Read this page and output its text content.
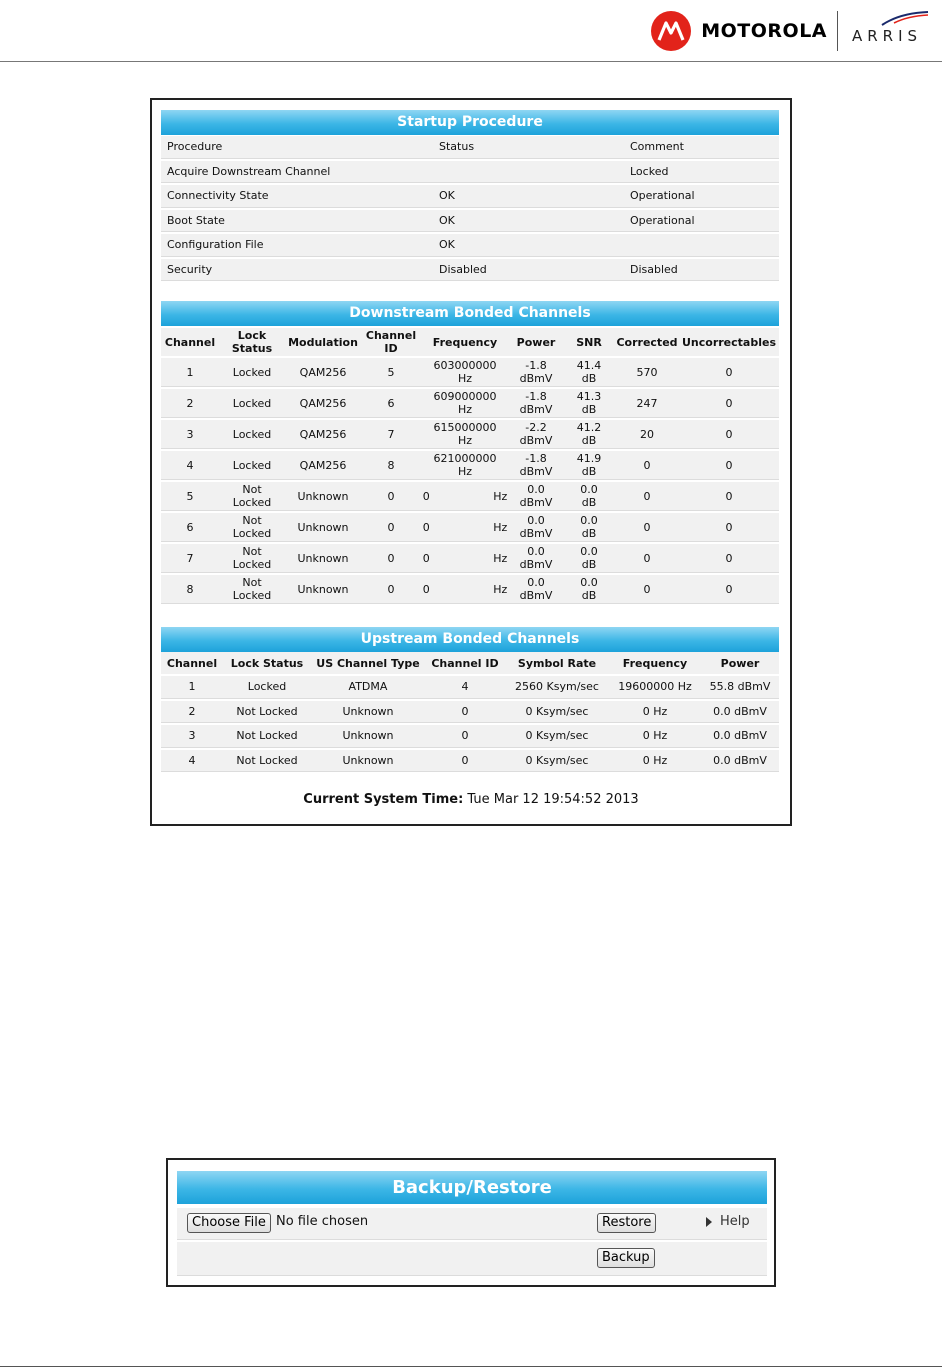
MOTOROLA ARRIS
Startup Procedure
Procedure	Status	Comment
Acquire Downstream Channel		Locked
Connectivity State	OK	Operational
Boot State	OK	Operational
Configuration File	OK	
Security	Disabled	Disabled
Downstream Bonded Channels
Channel	Lock Status	Modulation	Channel ID	Frequency	Power	SNR	Corrected	Uncorrectables
1	Locked	QAM256	5	603000000 Hz	-1.8 dBmV	41.4 dB	570	0
2	Locked	QAM256	6	609000000 Hz	-1.8 dBmV	41.3 dB	247	0
3	Locked	QAM256	7	615000000 Hz	-2.2 dBmV	41.2 dB	20	0
4	Locked	QAM256	8	621000000 Hz	-1.8 dBmV	41.9 dB	0	0
5	Not Locked	Unknown	0	0 Hz	0.0 dBmV	0.0 dB	0	0
6	Not Locked	Unknown	0	0 Hz	0.0 dBmV	0.0 dB	0	0
7	Not Locked	Unknown	0	0 Hz	0.0 dBmV	0.0 dB	0	0
8	Not Locked	Unknown	0	0 Hz	0.0 dBmV	0.0 dB	0	0
Upstream Bonded Channels
Channel	Lock Status	US Channel Type	Channel ID	Symbol Rate	Frequency	Power
1	Locked	ATDMA	4	2560 Ksym/sec	19600000 Hz	55.8 dBmV
2	Not Locked	Unknown	0	0 Ksym/sec	0 Hz	0.0 dBmV
3	Not Locked	Unknown	0	0 Ksym/sec	0 Hz	0.0 dBmV
4	Not Locked	Unknown	0	0 Ksym/sec	0 Hz	0.0 dBmV
Current System Time: Tue Mar 12 19:54:52 2013
Backup/Restore
Choose File No file chosen	Restore	Help
Backup
